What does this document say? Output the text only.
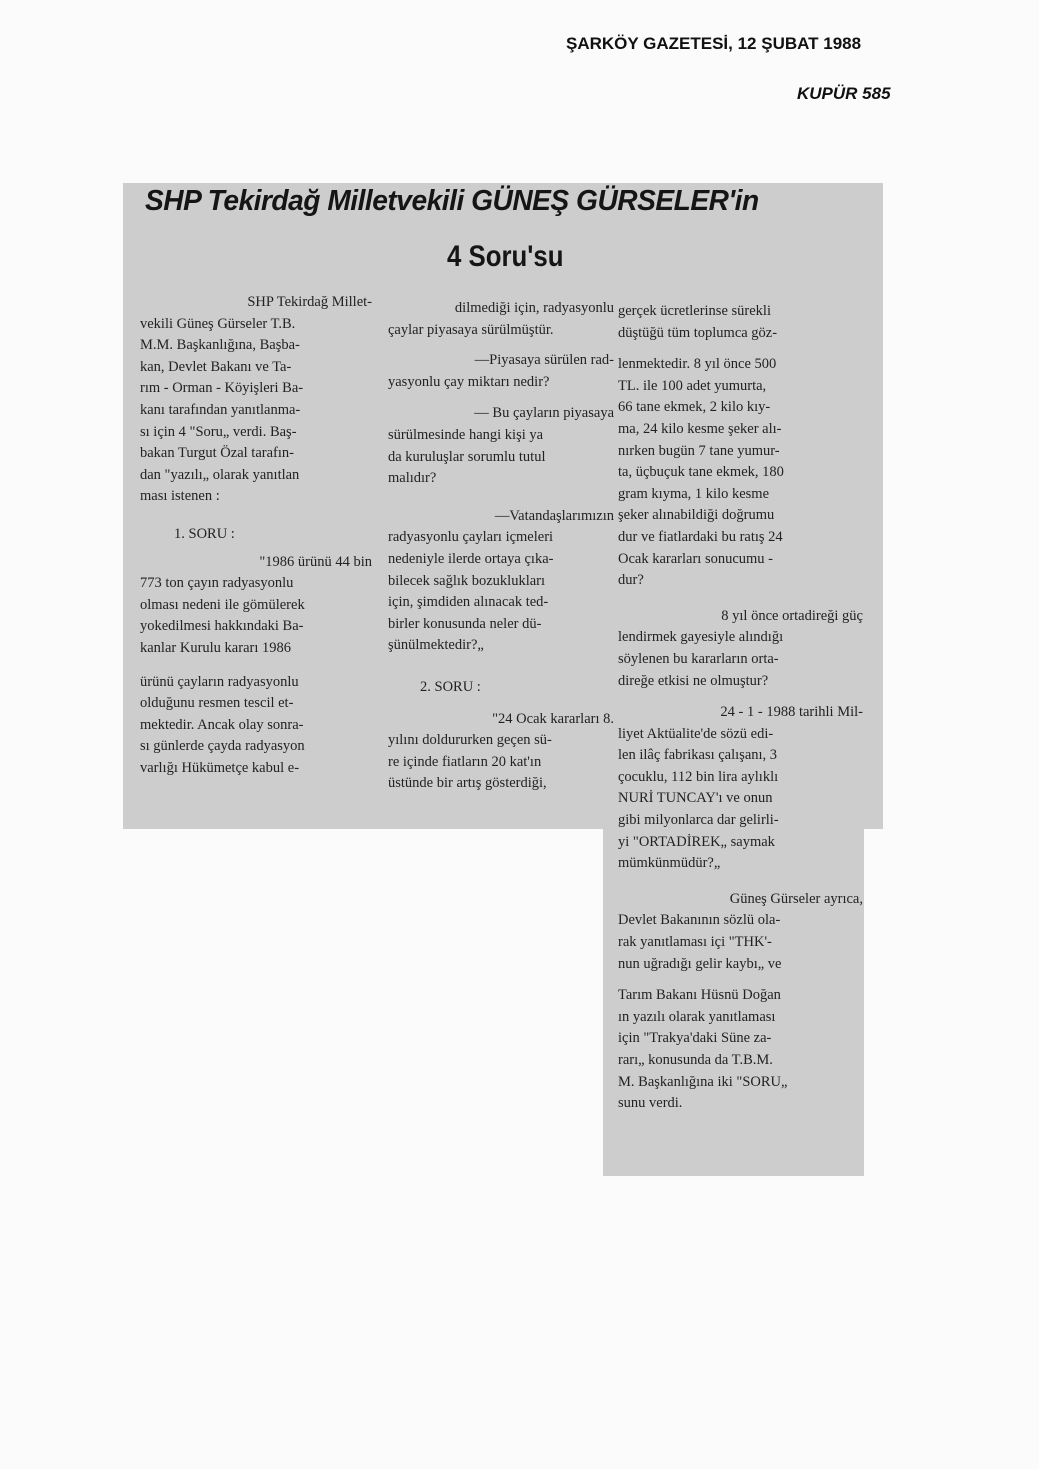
ŞARKÖY GAZETESİ, 12 ŞUBAT 1988
KUPÜR 585
SHP Tekirdağ Milletvekili GÜNEŞ GÜRSELER'in
4 Soru'su
SHP Tekirdağ Millet-
vekili Güneş Gürseler T.B.
M.M. Başkanlığına, Başba-
kan, Devlet Bakanı ve Ta-
rım - Orman - Köyişleri Ba-
kanı tarafından yanıtlanma-
sı için 4 "Soru„ verdi. Baş-
bakan Turgut Özal tarafın-
dan "yazılı„ olarak yanıtlan
ması istenen :
1. SORU :
"1986 ürünü 44 bin
773 ton çayın radyasyonlu
olması nedeni ile gömülerek
yokedilmesi hakkındaki Ba-
kanlar Kurulu kararı 1986
ürünü çayların radyasyonlu
olduğunu resmen tescil et-
mektedir. Ancak olay sonra-
sı günlerde çayda radyasyon
varlığı Hükümetçe kabul e-
dilmediği için, radyasyonlu
çaylar piyasaya sürülmüştür.
—Piyasaya sürülen rad-
yasyonlu çay miktarı nedir?
— Bu çayların piyasaya
sürülmesinde hangi kişi ya
da kuruluşlar sorumlu tutul
malıdır?
—Vatandaşlarımızın
radyasyonlu çayları içmeleri
nedeniyle ilerde ortaya çıka-
bilecek sağlık bozuklukları
için, şimdiden alınacak ted-
birler konusunda neler dü-
şünülmektedir?„
2. SORU :
"24 Ocak kararları 8.
yılını doldururken geçen sü-
re içinde fiatların 20 kat'ın
üstünde bir artış gösterdiği,
gerçek ücretlerinse sürekli
düştüğü tüm toplumca göz-
lenmektedir. 8 yıl önce 500
TL. ile 100 adet yumurta,
66 tane ekmek, 2 kilo kıy-
ma, 24 kilo kesme şeker alı-
nırken bugün 7 tane yumur-
ta, üçbuçuk tane ekmek, 180
gram kıyma, 1 kilo kesme
şeker alınabildiği doğrumu
dur ve fiatlardaki bu ratış 24
Ocak kararları sonucumu -
dur?
8 yıl önce ortadireği güç
lendirmek gayesiyle alındığı
söylenen bu kararların orta-
direğe etkisi ne olmuştur?
24 - 1 - 1988 tarihli Mil-
liyet Aktüalite'de sözü edi-
len ilâç fabrikası çalışanı, 3
çocuklu, 112 bin lira aylıklı
NURİ TUNCAY'ı ve onun
gibi milyonlarca dar gelirli-
yi "ORTADİREK„ saymak
mümkünmüdür?„
Güneş Gürseler ayrıca,
Devlet Bakanının sözlü ola-
rak yanıtlaması içi "THK'-
nun uğradığı gelir kaybı„ ve
Tarım Bakanı Hüsnü Doğan
ın yazılı olarak yanıtlaması
için "Trakya'daki Süne za-
rarı„ konusunda da T.B.M.
M. Başkanlığına iki "SORU„
sunu verdi.
